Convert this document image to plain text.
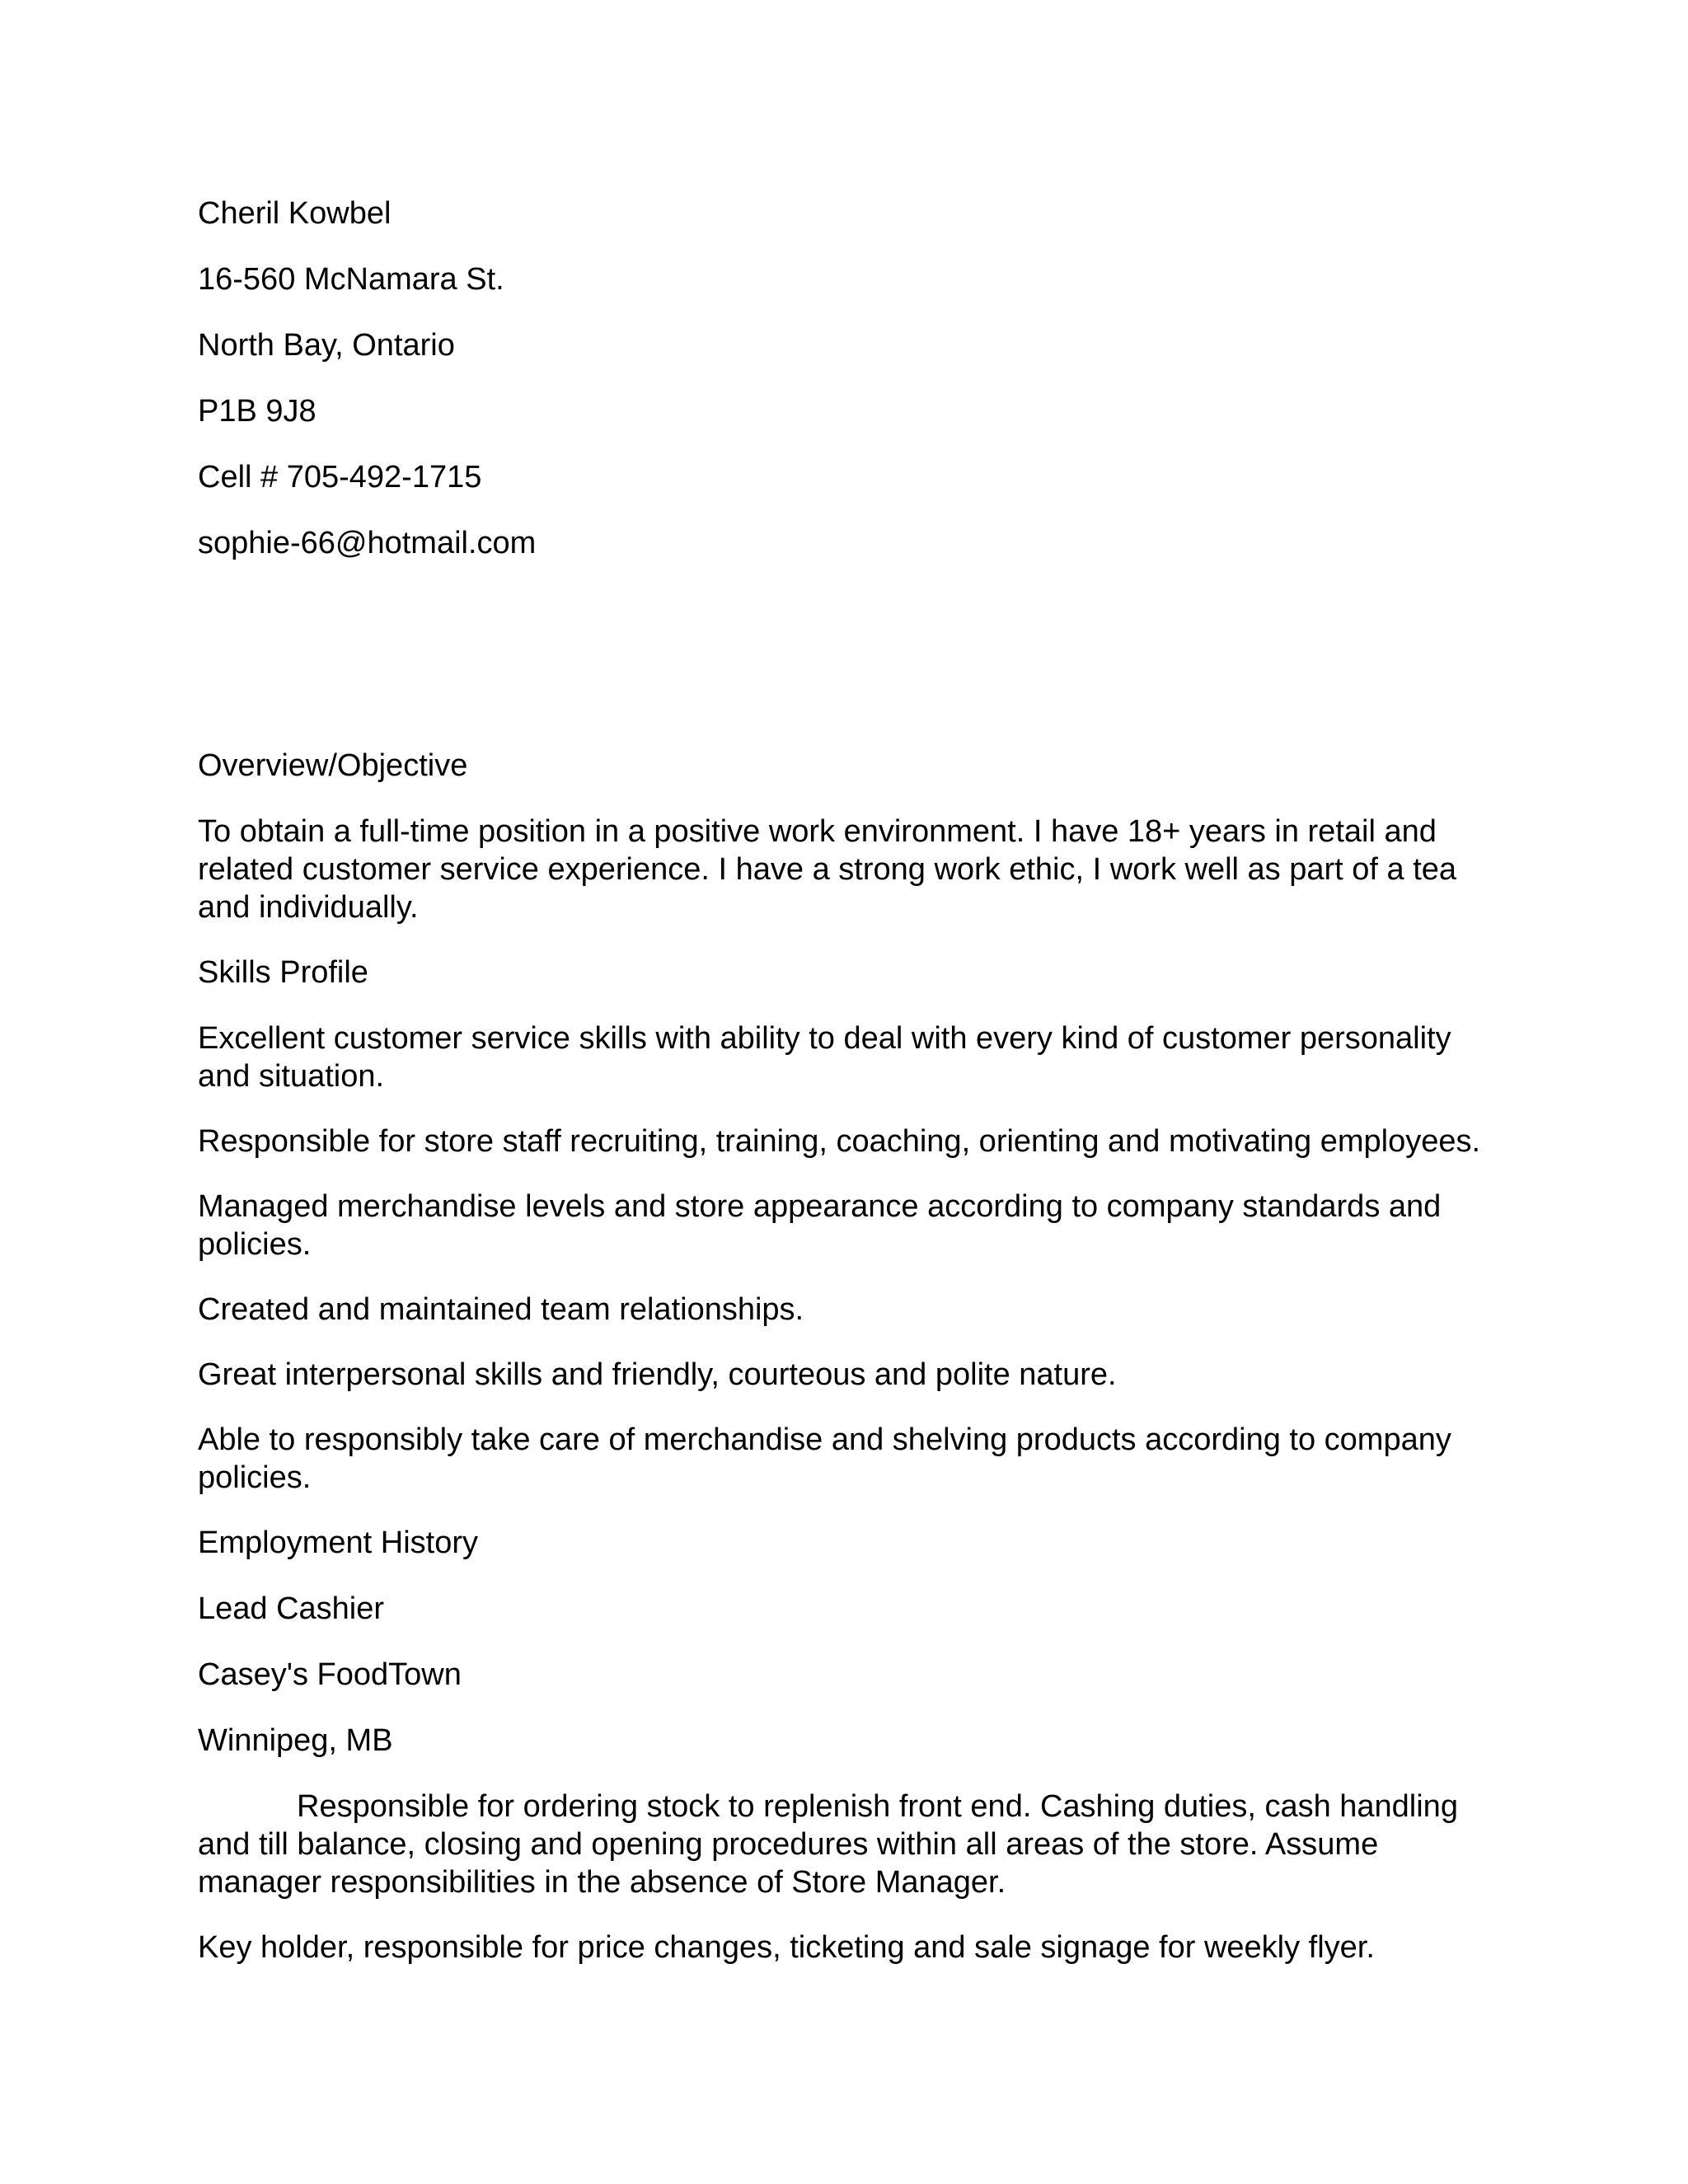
Cheril Kowbel

16-560 McNamara St.

North Bay, Ontario

P1B 9J8

Cell # 705-492-1715

sophie-66@hotmail.com

Overview/Objective

To obtain a full-time position in a positive work environment. I have 18+ years in retail and related customer service experience. I have a strong work ethic, I work well as part of a tea and individually.

Skills Profile

Excellent customer service skills with ability to deal with every kind of customer personality and situation.

Responsible for store staff recruiting, training, coaching, orienting and motivating employees.

Managed merchandise levels and store appearance according to company standards and policies.

Created and maintained team relationships.

Great interpersonal skills and friendly, courteous and polite nature.

Able to responsibly take care of merchandise and shelving products according to company policies.

Employment History

Lead Cashier

Casey's FoodTown

Winnipeg, MB

Responsible for ordering stock to replenish front end. Cashing duties, cash handling and till balance, closing and opening procedures within all areas of the store. Assume manager responsibilities in the absence of Store Manager.

Key holder, responsible for price changes, ticketing and sale signage for weekly flyer.
